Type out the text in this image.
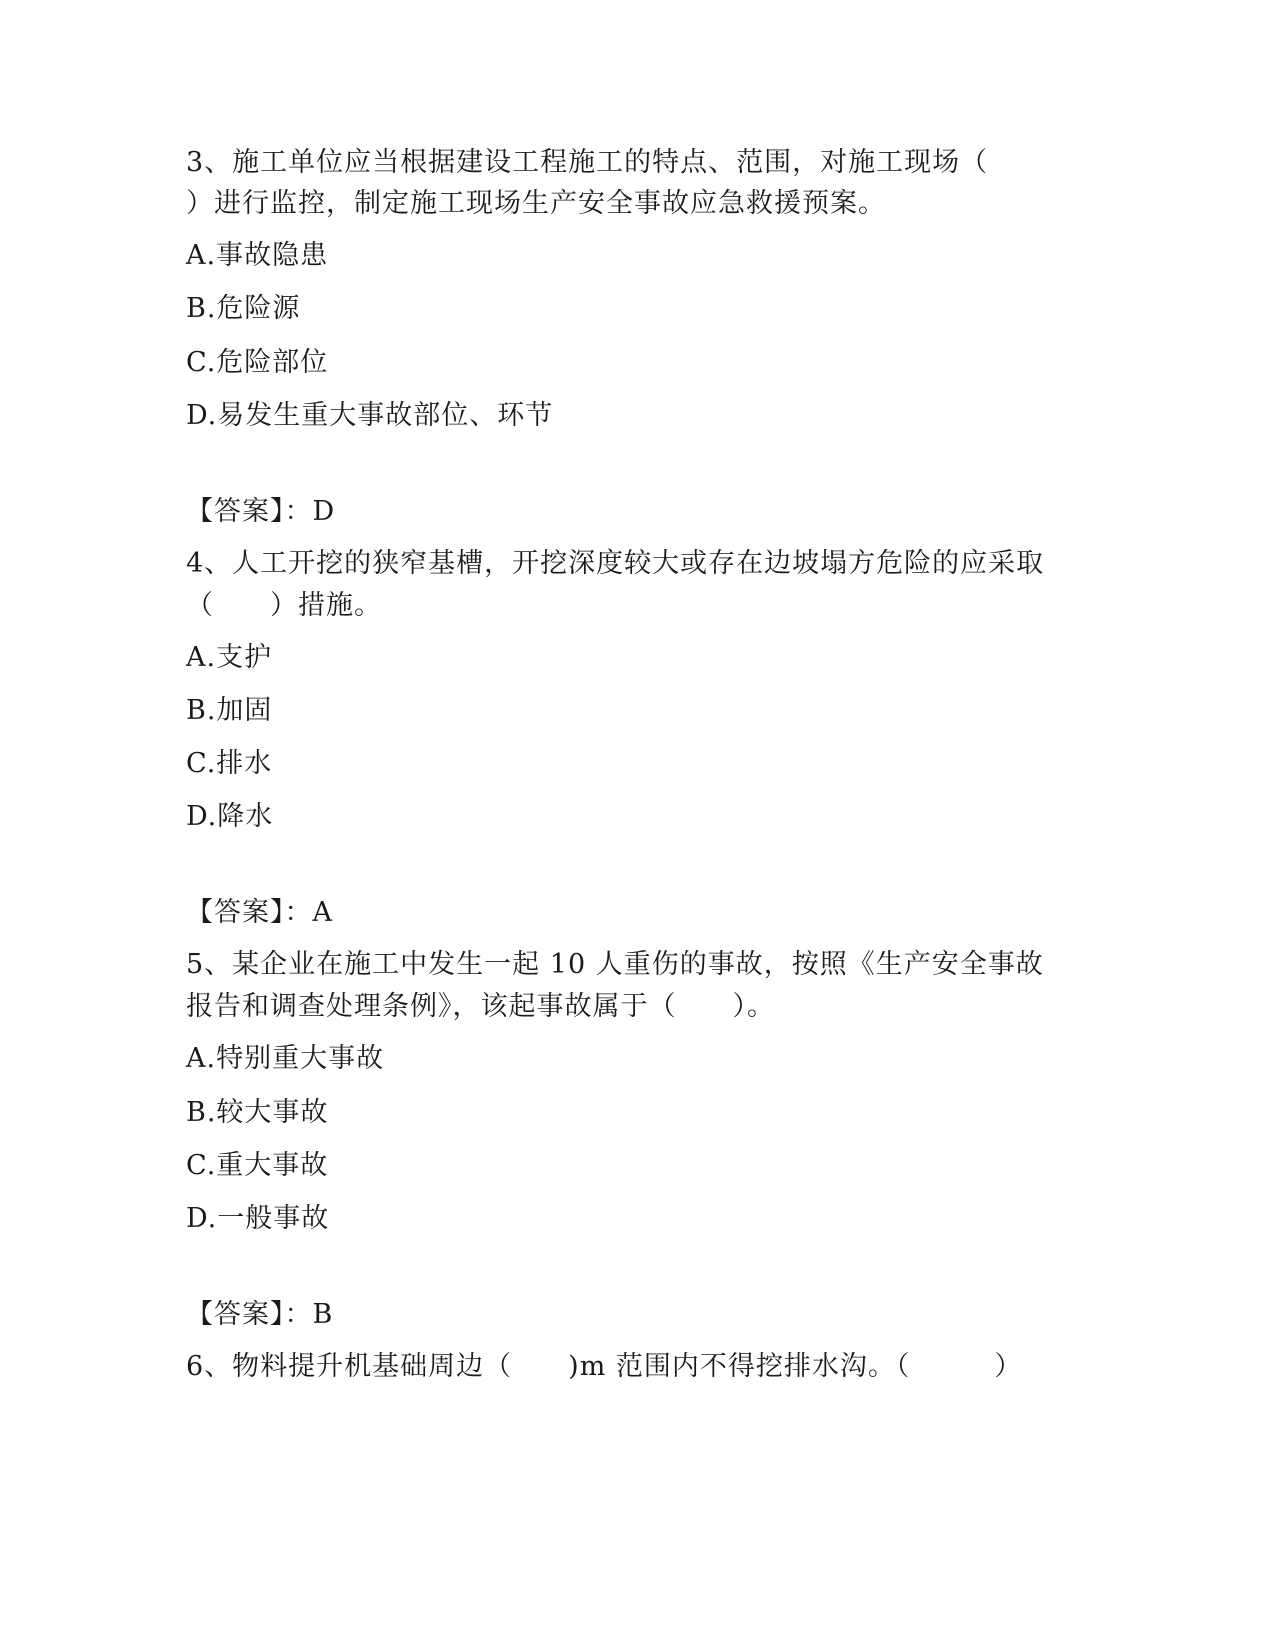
3、施工单位应当根据建设工程施工的特点、范围，对施工现场（
）进行监控，制定施工现场生产安全事故应急救援预案。
A.事故隐患
B.危险源
C.危险部位
D.易发生重大事故部位、环节
【答案】：D
4、人工开挖的狭窄基槽，开挖深度较大或存在边坡塌方危险的应采取
（　　）措施。
A.支护
B.加固
C.排水
D.降水
【答案】：A
5、某企业在施工中发生一起 10 人重伤的事故，按照《生产安全事故
报告和调查处理条例》，该起事故属于（　　）。
A.特别重大事故
B.较大事故
C.重大事故
D.一般事故
【答案】：B
6、物料提升机基础周边（　　)m 范围内不得挖排水沟。（　　　）
